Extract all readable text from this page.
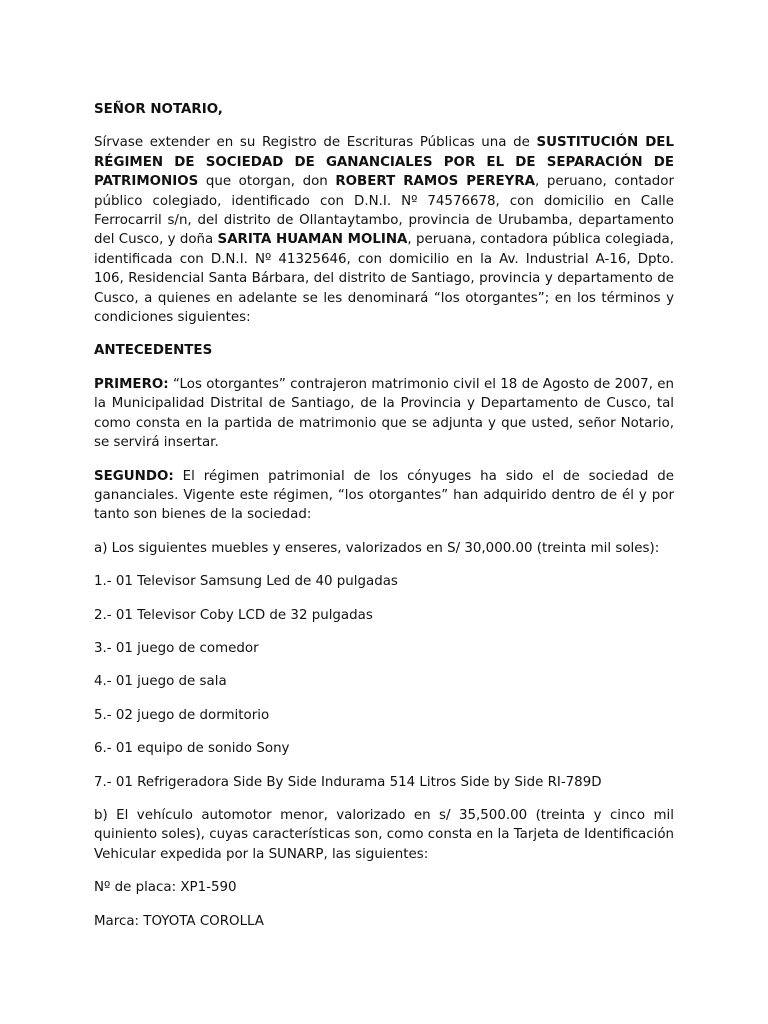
SEÑOR NOTARIO,

Sírvase extender en su Registro de Escrituras Públicas una de SUSTITUCIÓN DEL RÉGIMEN DE SOCIEDAD DE GANANCIALES POR EL DE SEPARACIÓN DE PATRIMONIOS que otorgan, don ROBERT RAMOS PEREYRA, peruano, contador público colegiado, identificado con D.N.I. Nº 74576678, con domicilio en Calle Ferrocarril s/n, del distrito de Ollantaytambo, provincia de Urubamba, departamento del Cusco, y doña SARITA HUAMAN MOLINA, peruana, contadora pública colegiada, identificada con D.N.I. Nº 41325646, con domicilio en la Av. Industrial A-16, Dpto. 106, Residencial Santa Bárbara, del distrito de Santiago, provincia y departamento de Cusco, a quienes en adelante se les denominará “los otorgantes”; en los términos y condiciones siguientes:

ANTECEDENTES

PRIMERO: “Los otorgantes” contrajeron matrimonio civil el 18 de Agosto de 2007, en la Municipalidad Distrital de Santiago, de la Provincia y Departamento de Cusco, tal como consta en la partida de matrimonio que se adjunta y que usted, señor Notario, se servirá insertar.

SEGUNDO: El régimen patrimonial de los cónyuges ha sido el de sociedad de gananciales. Vigente este régimen, “los otorgantes” han adquirido dentro de él y por tanto son bienes de la sociedad:

a) Los siguientes muebles y enseres, valorizados en S/ 30,000.00 (treinta mil soles):

1.- 01 Televisor Samsung Led de 40 pulgadas

2.- 01 Televisor Coby LCD de 32 pulgadas

3.- 01 juego de comedor

4.- 01 juego de sala

5.- 02 juego de dormitorio

6.- 01 equipo de sonido Sony

7.- 01 Refrigeradora Side By Side Indurama 514 Litros Side by Side RI-789D

b) El vehículo automotor menor, valorizado en s/ 35,500.00 (treinta y cinco mil quiniento soles), cuyas características son, como consta en la Tarjeta de Identificación Vehicular expedida por la SUNARP, las siguientes:

Nº de placa: XP1-590

Marca: TOYOTA COROLLA
